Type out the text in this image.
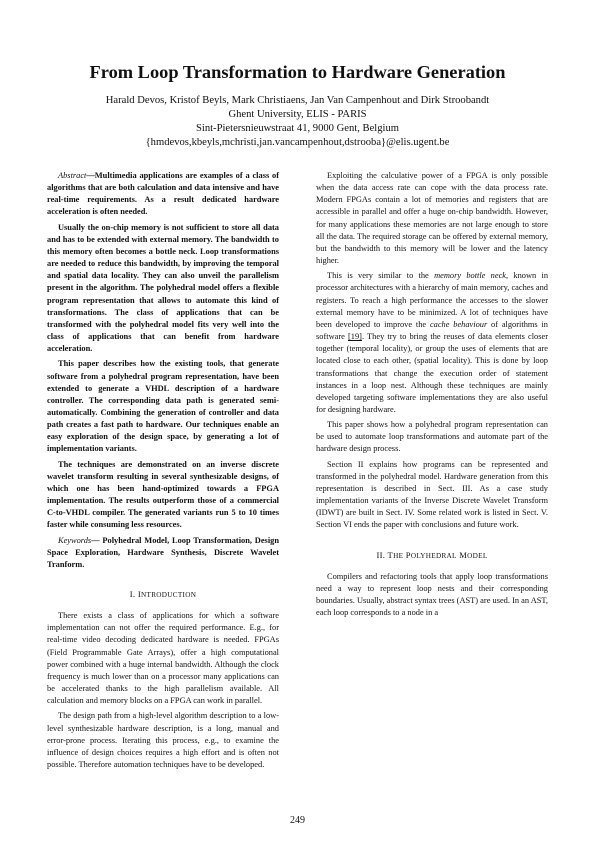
From Loop Transformation to Hardware Generation
Harald Devos, Kristof Beyls, Mark Christiaens, Jan Van Campenhout and Dirk Stroobandt
Ghent University, ELIS - PARIS
Sint-Pietersnieuwstraat 41, 9000 Gent, Belgium
{hmdevos,kbeyls,mchristi,jan.vancampenhout,dstrooba}@elis.ugent.be

Abstract—Multimedia applications are examples of a class of algorithms that are both calculation and data intensive and have real-time requirements. As a result dedicated hardware acceleration is often needed.

Usually the on-chip memory is not sufficient to store all data and has to be extended with external memory. The bandwidth to this memory often becomes a bottle neck. Loop transformations are needed to reduce this bandwidth, by improving the temporal and spatial data locality. They can also unveil the parallelism present in the algorithm. The polyhedral model offers a flexible program representation that allows to automate this kind of transformations. The class of applications that can be transformed with the polyhedral model fits very well into the class of applications that can benefit from hardware acceleration.

This paper describes how the existing tools, that generate software from a polyhedral program representation, have been extended to generate a VHDL description of a hardware controller. The corresponding data path is generated semi-automatically. Combining the generation of controller and data path creates a fast path to hardware. Our techniques enable an easy exploration of the design space, by generating a lot of implementation variants.

The techniques are demonstrated on an inverse discrete wavelet transform resulting in several synthesizable designs, of which one has been hand-optimized towards a FPGA implementation. The results outperform those of a commercial C-to-VHDL compiler. The generated variants run 5 to 10 times faster while consuming less resources.

Keywords— Polyhedral Model, Loop Transformation, Design Space Exploration, Hardware Synthesis, Discrete Wavelet Tranform.

I. INTRODUCTION

There exists a class of applications for which a software implementation can not offer the required performance. E.g., for real-time video decoding dedicated hardware is needed. FPGAs (Field Programmable Gate Arrays), offer a high computational power combined with a huge internal bandwidth. Although the clock frequency is much lower than on a processor many applications can be accelerated thanks to the high parallelism available. All calculation and memory blocks on a FPGA can work in parallel.

The design path from a high-level algorithm description to a low-level synthesizable hardware description, is a long, manual and error-prone process. Iterating this process, e.g., to examine the influence of design choices requires a high effort and is often not possible. Therefore automation techniques have to be developed.

Exploiting the calculative power of a FPGA is only possible when the data access rate can cope with the data process rate. Modern FPGAs contain a lot of memories and registers that are accessible in parallel and offer a huge on-chip bandwidth. However, for many applications these memories are not large enough to store all the data. The required storage can be offered by external memory, but the bandwidth to this memory will be lower and the latency higher.

This is very similar to the memory bottle neck, known in processor architectures with a hierarchy of main memory, caches and registers. To reach a high performance the accesses to the slower external memory have to be minimized. A lot of techniques have been developed to improve the cache behaviour of algorithms in software [19]. They try to bring the reuses of data elements closer together (temporal locality), or group the uses of elements that are located close to each other, (spatial locality). This is done by loop transformations that change the execution order of statement instances in a loop nest. Although these techniques are mainly developed targeting software implementations they are also useful for designing hardware.

This paper shows how a polyhedral program representation can be used to automate loop transformations and automate part of the hardware design process.

Section II explains how programs can be represented and transformed in the polyhedral model. Hardware generation from this representation is described in Sect. III. As a case study implementation variants of the Inverse Discrete Wavelet Transform (IDWT) are built in Sect. IV. Some related work is listed in Sect. V. Section VI ends the paper with conclusions and future work.

II. THE POLYHEDRAL MODEL

Compilers and refactoring tools that apply loop transformations need a way to represent loop nests and their corresponding boundaries. Usually, abstract syntax trees (AST) are used. In an AST, each loop corresponds to a node in a

249
